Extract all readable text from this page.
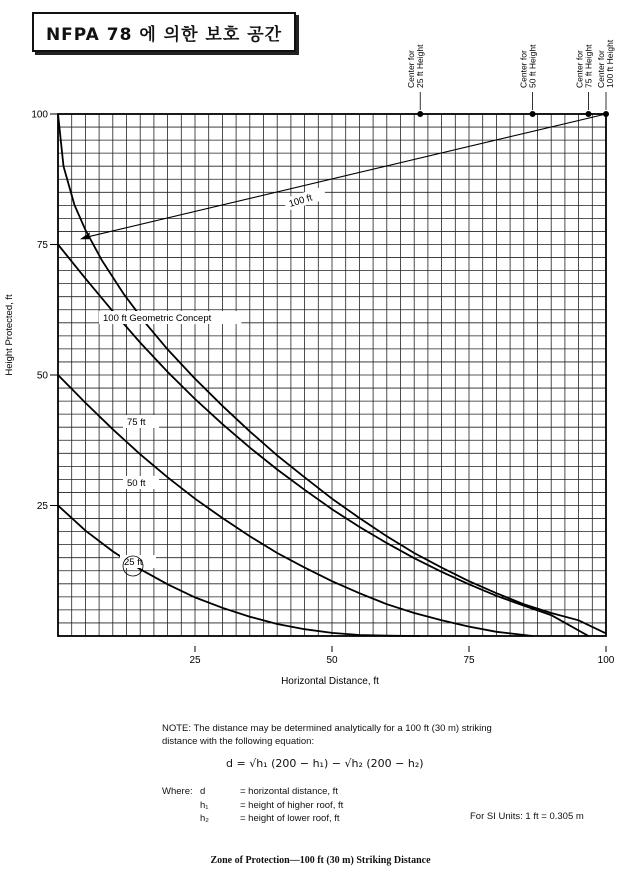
NFPA 78 에 의한 보호 공간
25	50	75	100
25
50
75
100
100 ft
100 ft Geometric Concept
75 ft
50 ft
25 ft
Center for 25 ft Height	Center for 50 ft Height	Center for 75 ft Height Center for 100 ft Height
Horizontal Distance, ft
Height Protected, ft

NOTE: The distance may be determined analytically for a 100 ft (30 m) striking

distance with the following equation:

d = √h₁ (200 − h₁) − √h₂ (200 − h₂)
Where: d	= horizontal distance, ft
h₁	= height of higher roof, ft
h₂	= height of lower roof, ft	For SI Units: 1 ft = 0.305 m
Zone of Protection—100 ft (30 m) Striking Distance
